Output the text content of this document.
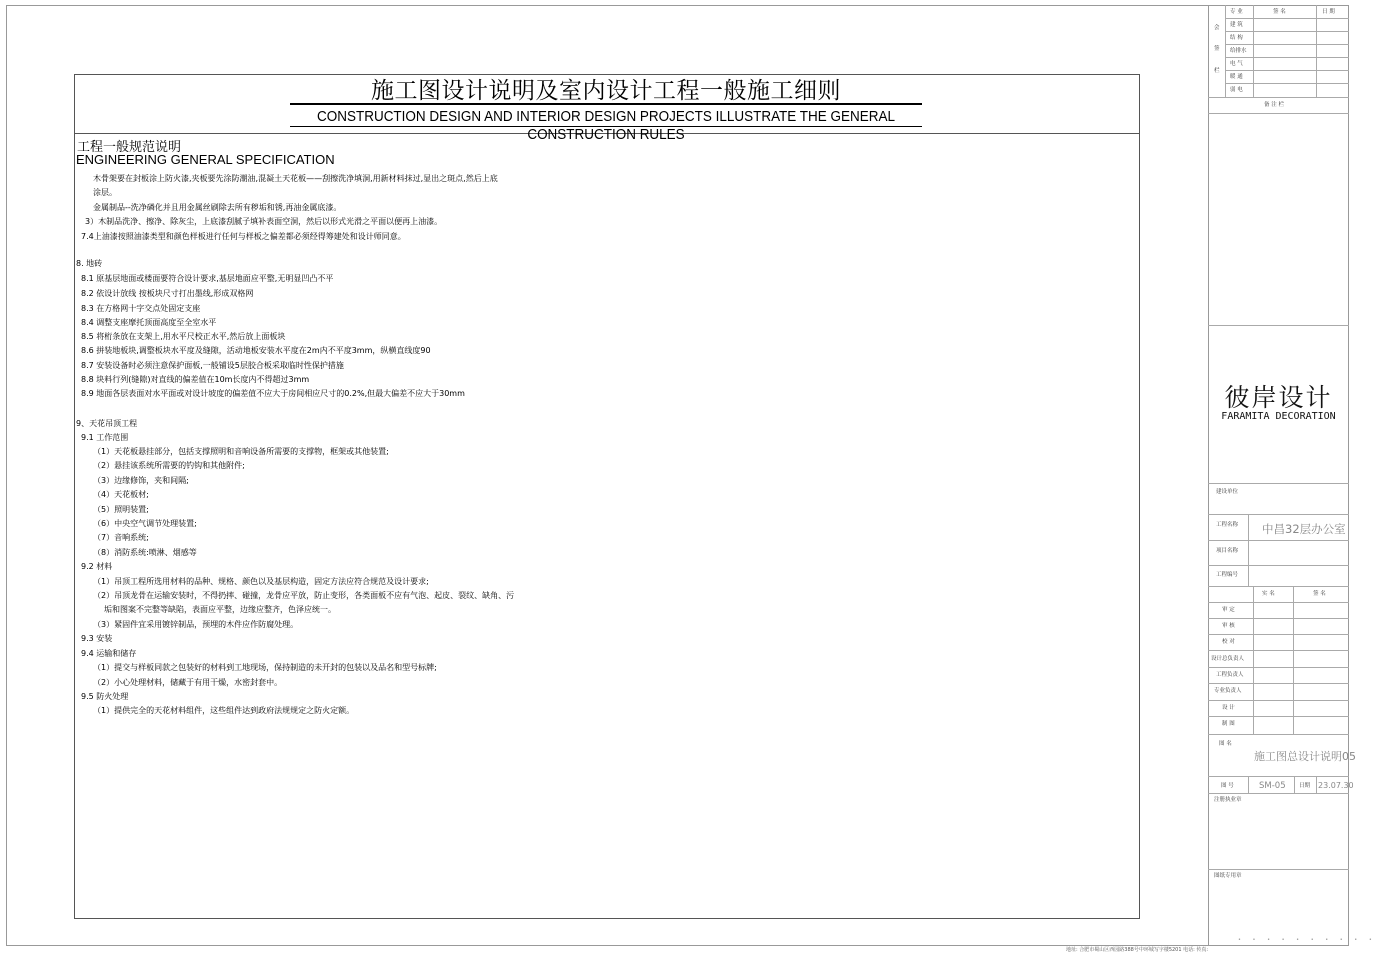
施工图设计说明及室内设计工程一般施工细则
CONSTRUCTION DESIGN AND INTERIOR DESIGN PROJECTS ILLUSTRATE THE GENERAL CONSTRUCTION RULES
工程一般规范说明
ENGINEERING GENERAL SPECIFICATION
木骨架要在封板涂上防火漆,夹板要先涂防潮油,混凝土天花板——刮擦洗净填洞,用新材料抹过,显出之斑点,然后上底
涂层。
金属制品--洗净磷化并且用金属丝刷除去所有秽垢和锈,再油金属底漆。
3）木制品洗净、擦净、除灰尘，上底漆刮腻子填补表面空洞，然后以形式光滑之平面以便再上油漆。
7.4上油漆按照油漆类型和颜色样板进行任何与样板之偏差都必须经得筹建处和设计师同意。
8. 地砖
8.1 原基层地面或楼面要符合设计要求,基层地面应平整,无明显凹凸不平
8.2 依设计放线 按板块尺寸打出墨线,形成双格网
8.3 在方格网十字交点处固定支座
8.4 调整支座摩托顶面高度至全室水平
8.5 将桁条放在支架上,用水平尺校正水平,然后放上面板块
8.6 拼装地板块,调整板块水平度及缝隙，活动地板安装水平度在2m内不平度3mm，纵横直线度90
8.7 安装设备时必须注意保护面板,一般铺设5层胶合板采取临时性保护措施
8.8 块料行列(缝隙)对直线的偏差值在10m长度内不得超过3mm
8.9 地面各层表面对水平面或对设计坡度的偏差值不应大于房间相应尺寸的0.2%,但最大偏差不应大于30mm
9、天花吊顶工程
9.1 工作范围
（1）天花板悬挂部分，包括支撑照明和音响设备所需要的支撑物，框架或其他装置;
（2）悬挂该系统所需要的钓钩和其他附件;
（3）边缘修饰，夹和间隔;
（4）天花板材;
（5）照明装置;
（6）中央空气调节处理装置;
（7）音响系统;
（8）消防系统:喷淋、烟感等
9.2 材料
（1）吊顶工程所选用材料的品种、规格、颜色以及基层构造，固定方法应符合规范及设计要求;
（2）吊顶龙骨在运输安装时，不得扔摔、碰撞，龙骨应平放，防止变形，各类面板不应有气泡、起皮、裂纹、缺角、污
垢和图案不完整等缺陷，表面应平整，边缘应整齐，色泽应统一。
（3）紧固件宜采用镀锌制品，预埋的木件应作防腐处理。
9.3 安装
9.4 运输和储存
（1）提交与样板同款之包装好的材料到工地现场，保持制造的未开封的包装以及品名和型号标牌;
（2）小心处理材料，储藏于有用干燥，水密封套中。
9.5 防火处理
（1）提供完全的天花材料组件，这些组件达到政府法规规定之防火定额。
专 业	签 名	日 期
会
签
栏
建 筑
结 构
给排水
电 气
暖 通
弱 电
备 注 栏
彼岸设计
FARAMITA DECORATION
建设单位
工程名称 中昌32层办公室
项目名称
工程编号
实 名	签 名
审 定
审 核
校 对
设计总负责人
工程负责人
专业负责人
设 计
制 图
图 名
施工图总设计说明05
图 号	SM-05 日期 23.07.30
注册执业章
图纸专用章
• • • • • • • • • •
地址: 合肥市蜀山区西园路388号中环城写字楼5201 电话: 传真:
